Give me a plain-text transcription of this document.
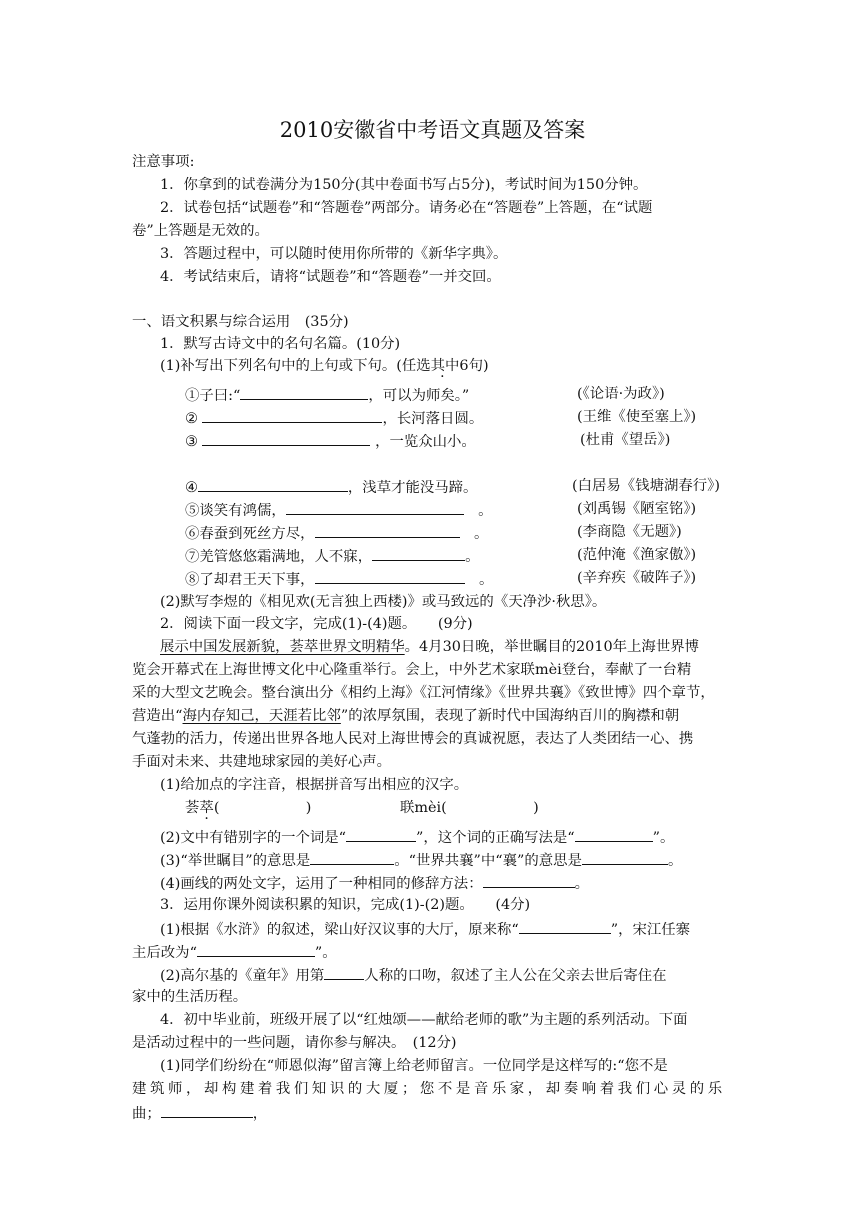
2010安徽省中考语文真题及答案
注意事项:
1．你拿到的试卷满分为150分(其中卷面书写占5分)，考试时间为150分钟。
2．试卷包括“试题卷”和“答题卷”两部分。请务必在“答题卷”上答题，在“试题
卷”上答题是无效的。
3．答题过程中，可以随时使用你所带的《新华字典》。
4．考试结束后，请将“试题卷”和“答题卷”一并交回。
一、语文积累与综合运用　(35分)
1．默写古诗文中的名句名篇。(10分)
(1)补写出下列名句中的上句或下句。(任选其中6句 ·)
①子曰:“	，可以为师矣。”	(《论语·为政》)
②	，长河落日圆。	(王维《使至塞上》)
③	，一览众山小。	(杜甫《望岳》)
④	，浅草才能没马蹄。	(白居易《钱塘湖春行》)
⑤谈笑有鸿儒，　	。	(刘禹锡《陋室铭》)
⑥春蚕到死丝方尽，　	。	(李商隐《无题》)
⑦羌管悠悠霜满地，人不寐，	。	(范仲淹《渔家傲》)
⑧了却君王天下事，　	。	(辛弃疾《破阵子》)
(2)默写李煜的《相见欢(无言独上西楼)》或马致远的《天净沙·秋思》。
2．阅读下面一段文字，完成(1)-(4)题。　　(9分)
展示中国发展新貌，荟萃世界文明精华。4月30日晚，举世瞩目的2010年上海世界博
览会开幕式在上海世博文化中心隆重举行。会上，中外艺术家联mèi登台，奉献了一台精
采的大型文艺晚会。整台演出分《相约上海》《江河情缘》《世界共襄》《致世博》四个章节，
营造出“海内存知己，天涯若比邻”的浓厚氛围，表现了新时代中国海纳百川的胸襟和朝
气蓬勃的活力，传递出世界各地人民对上海世博会的真诚祝愿，表达了人类团结一心、携
手面对未来、共建地球家园的美好心声。
(1)给加点的字注音，根据拼音写出相应的汉字。
荟萃(　　　　　　)	联mèi(　　　　　　)
(2)文中有错别字的一个词是“	”，这个词的正确写法是“	”。
(3)“举世瞩目”的意思是	。“世界共襄”中“襄”的意思是	。
(4)画线的两处文字，运用了一种相同的修辞方法：	。
3．运用你课外阅读积累的知识，完成(1)-(2)题。　　(4分)
(1)根据《水浒》的叙述，梁山好汉议事的大厅，原来称“	”，宋江任寨
主后改为“	”。
(2)高尔基的《童年》用第	人称的口吻，叙述了主人公在父亲去世后寄住在
家中的生活历程。
4．初中毕业前，班级开展了以“红烛颂——献给老师的歌”为主题的系列活动。下面
是活动过程中的一些问题，请你参与解决。　(12分)
(1)同学们纷纷在“师恩似海”留言簿上给老师留言。一位同学是这样写的:“您不是
建筑师，却构建着我们知识的大厦；您不是音乐家，却奏响着我们心灵的乐
曲；	，
